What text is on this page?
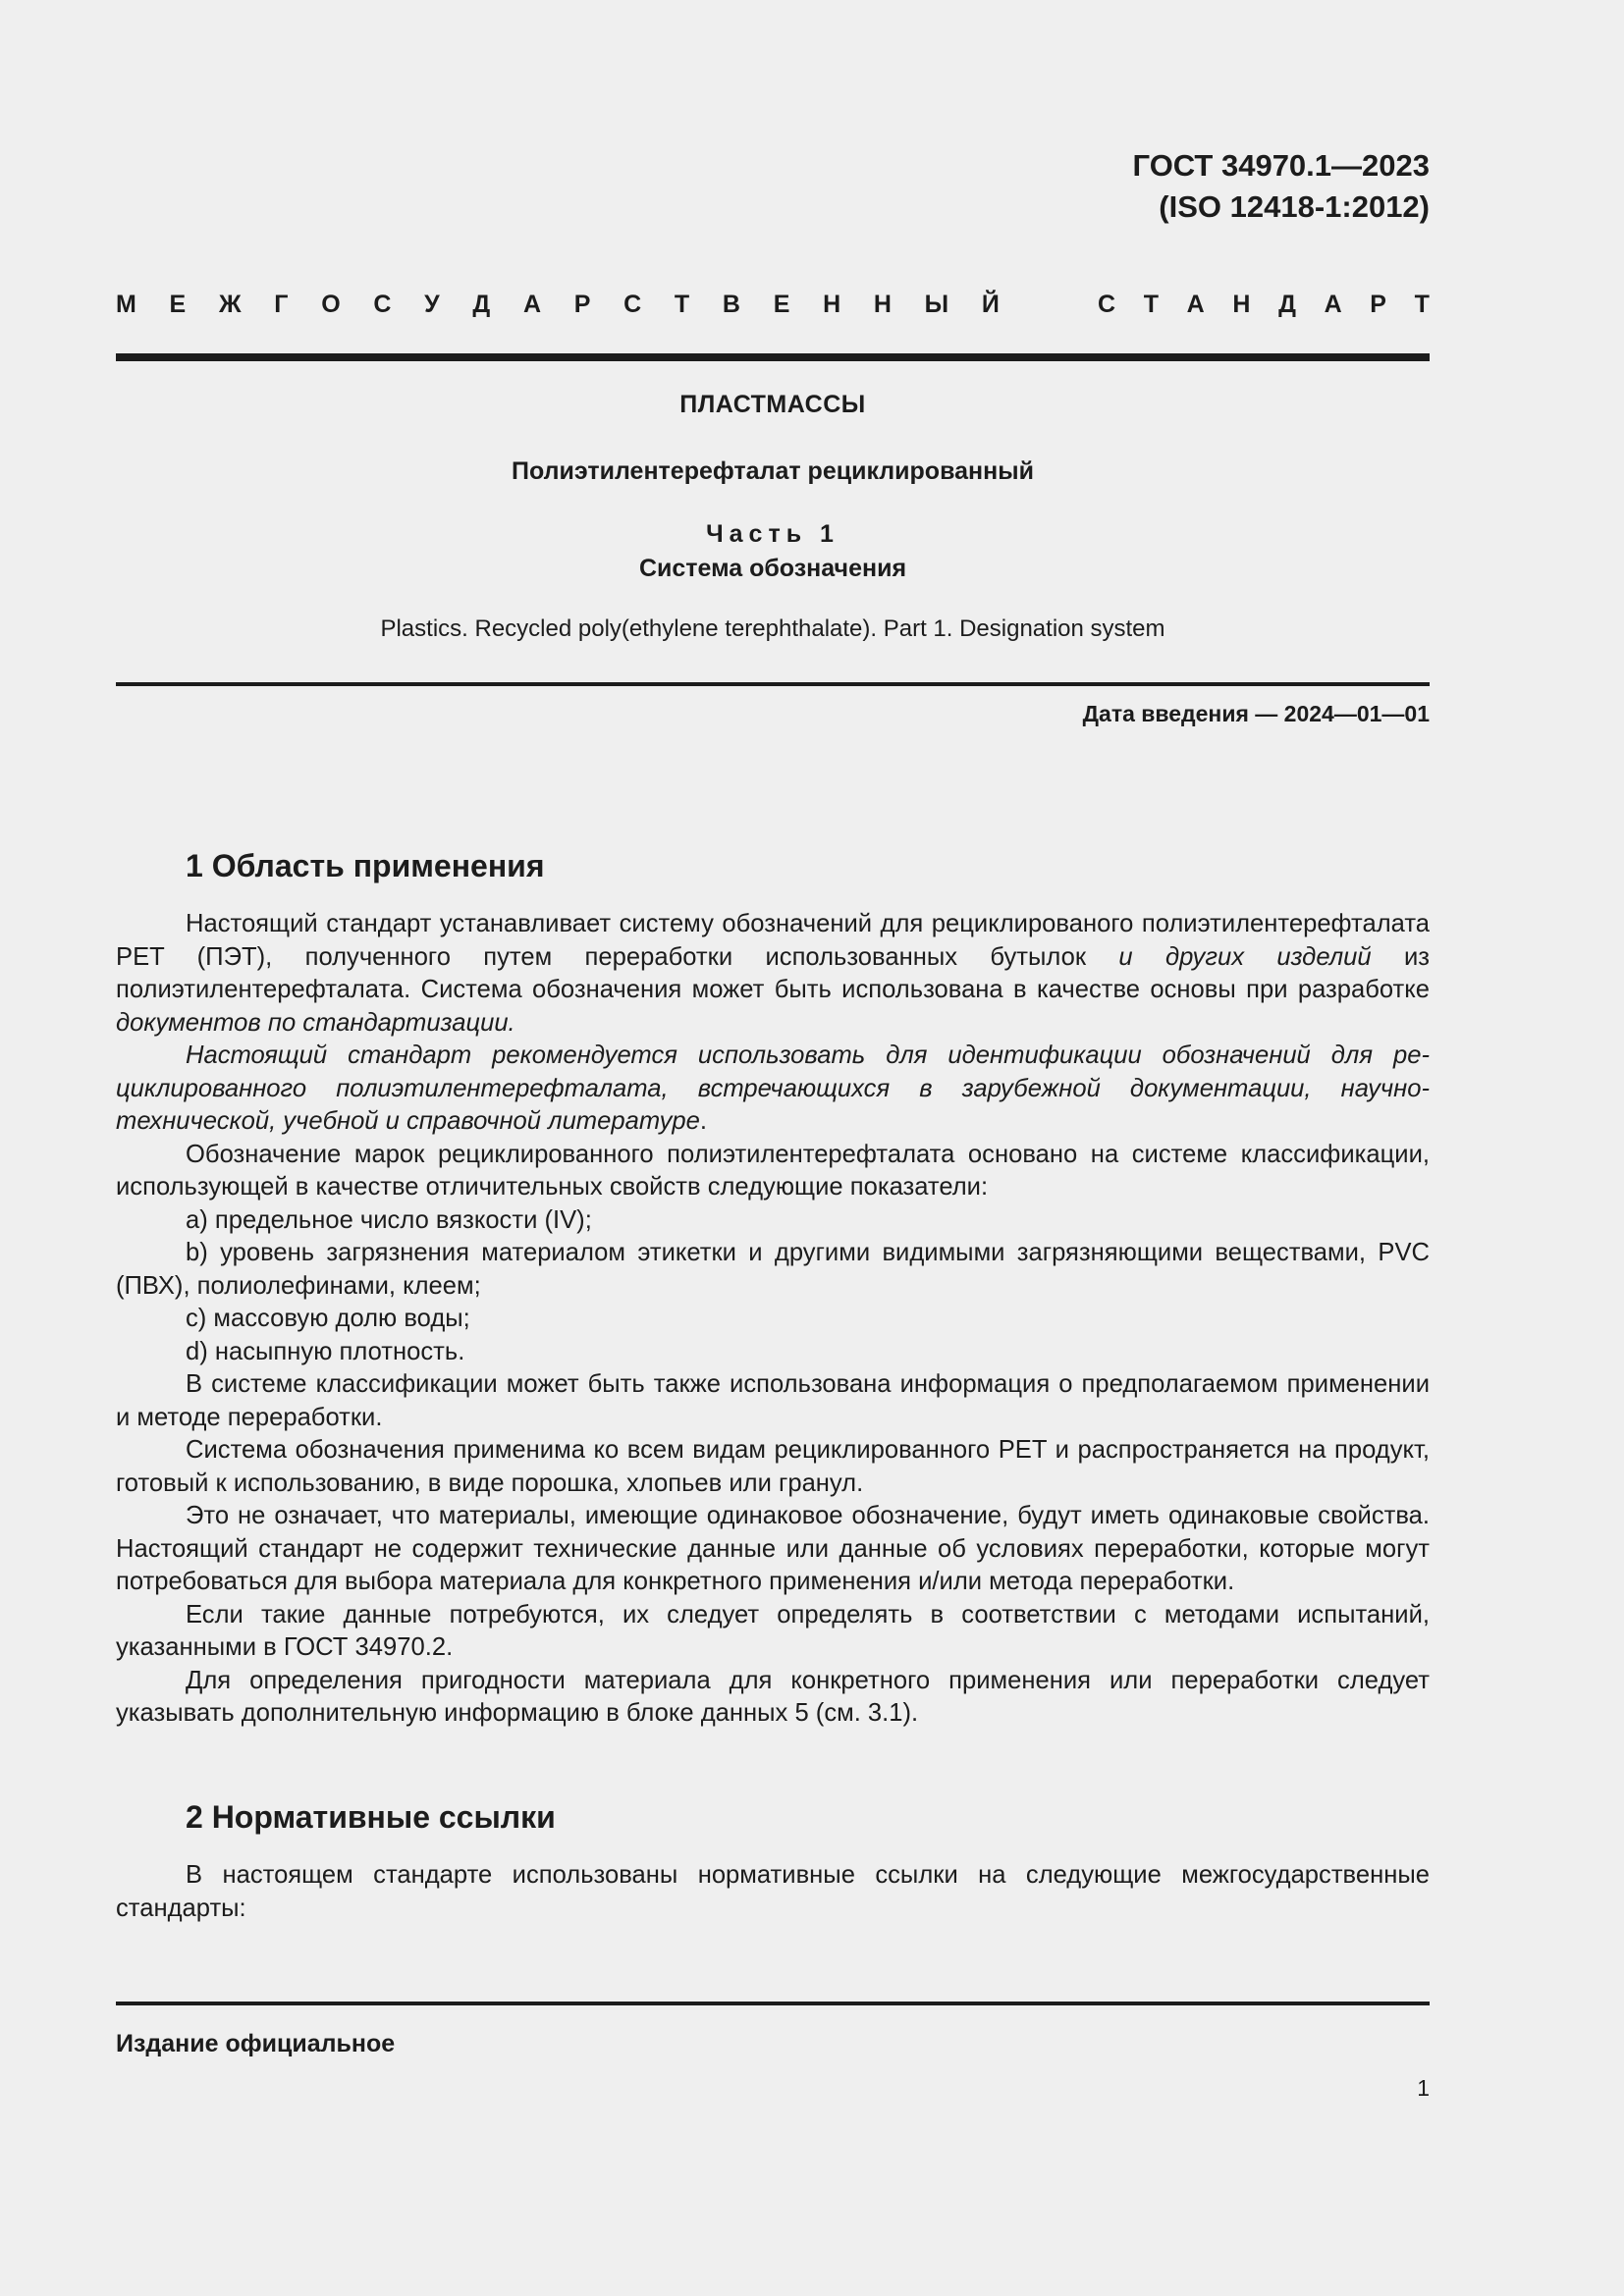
ГОСТ 34970.1—2023
(ISO 12418-1:2012)
М Е Ж Г О С У Д А Р С Т В Е Н Н Ы Й	С Т А Н Д А Р Т
ПЛАСТМАССЫ
Полиэтилентерефталат рециклированный
Часть 1
Система обозначения
Plastics. Recycled poly(ethylene terephthalate). Part 1. Designation system
Дата введения — 2024—01—01
1 Область применения

Настоящий стандарт устанавливает систему обозначений для рециклированого полиэтилентерефталата PET (ПЭТ), полученного путем переработки использованных бутылок и других изделий из полиэтилентерефталата. Система обозначения может быть использована в качестве основы при разработке документов по стандартизации.

Настоящий стандарт рекомендуется использовать для идентификации обозначений для рециклированного полиэтилентерефталата, встречающихся в зарубежной документации, научно-технической, учебной и справочной литературе.

Обозначение марок рециклированного полиэтилентерефталата основано на системе классификации, использующей в качестве отличительных свойств следующие показатели:

a) предельное число вязкости (IV);

b) уровень загрязнения материалом этикетки и другими видимыми загрязняющими веществами, PVC (ПВХ), полиолефинами, клеем;

c) массовую долю воды;

d) насыпную плотность.

В системе классификации может быть также использована информация о предполагаемом применении и методе переработки.

Система обозначения применима ко всем видам рециклированного PET и распространяется на продукт, готовый к использованию, в виде порошка, хлопьев или гранул.

Это не означает, что материалы, имеющие одинаковое обозначение, будут иметь одинаковые свойства. Настоящий стандарт не содержит технические данные или данные об условиях переработки, которые могут потребоваться для выбора материала для конкретного применения и/или метода переработки.

Если такие данные потребуются, их следует определять в соответствии с методами испытаний, указанными в ГОСТ 34970.2.

Для определения пригодности материала для конкретного применения или переработки следует указывать дополнительную информацию в блоке данных 5 (см. 3.1).

2 Нормативные ссылки

В настоящем стандарте использованы нормативные ссылки на следующие межгосударственные стандарты:

Издание официальное
1
